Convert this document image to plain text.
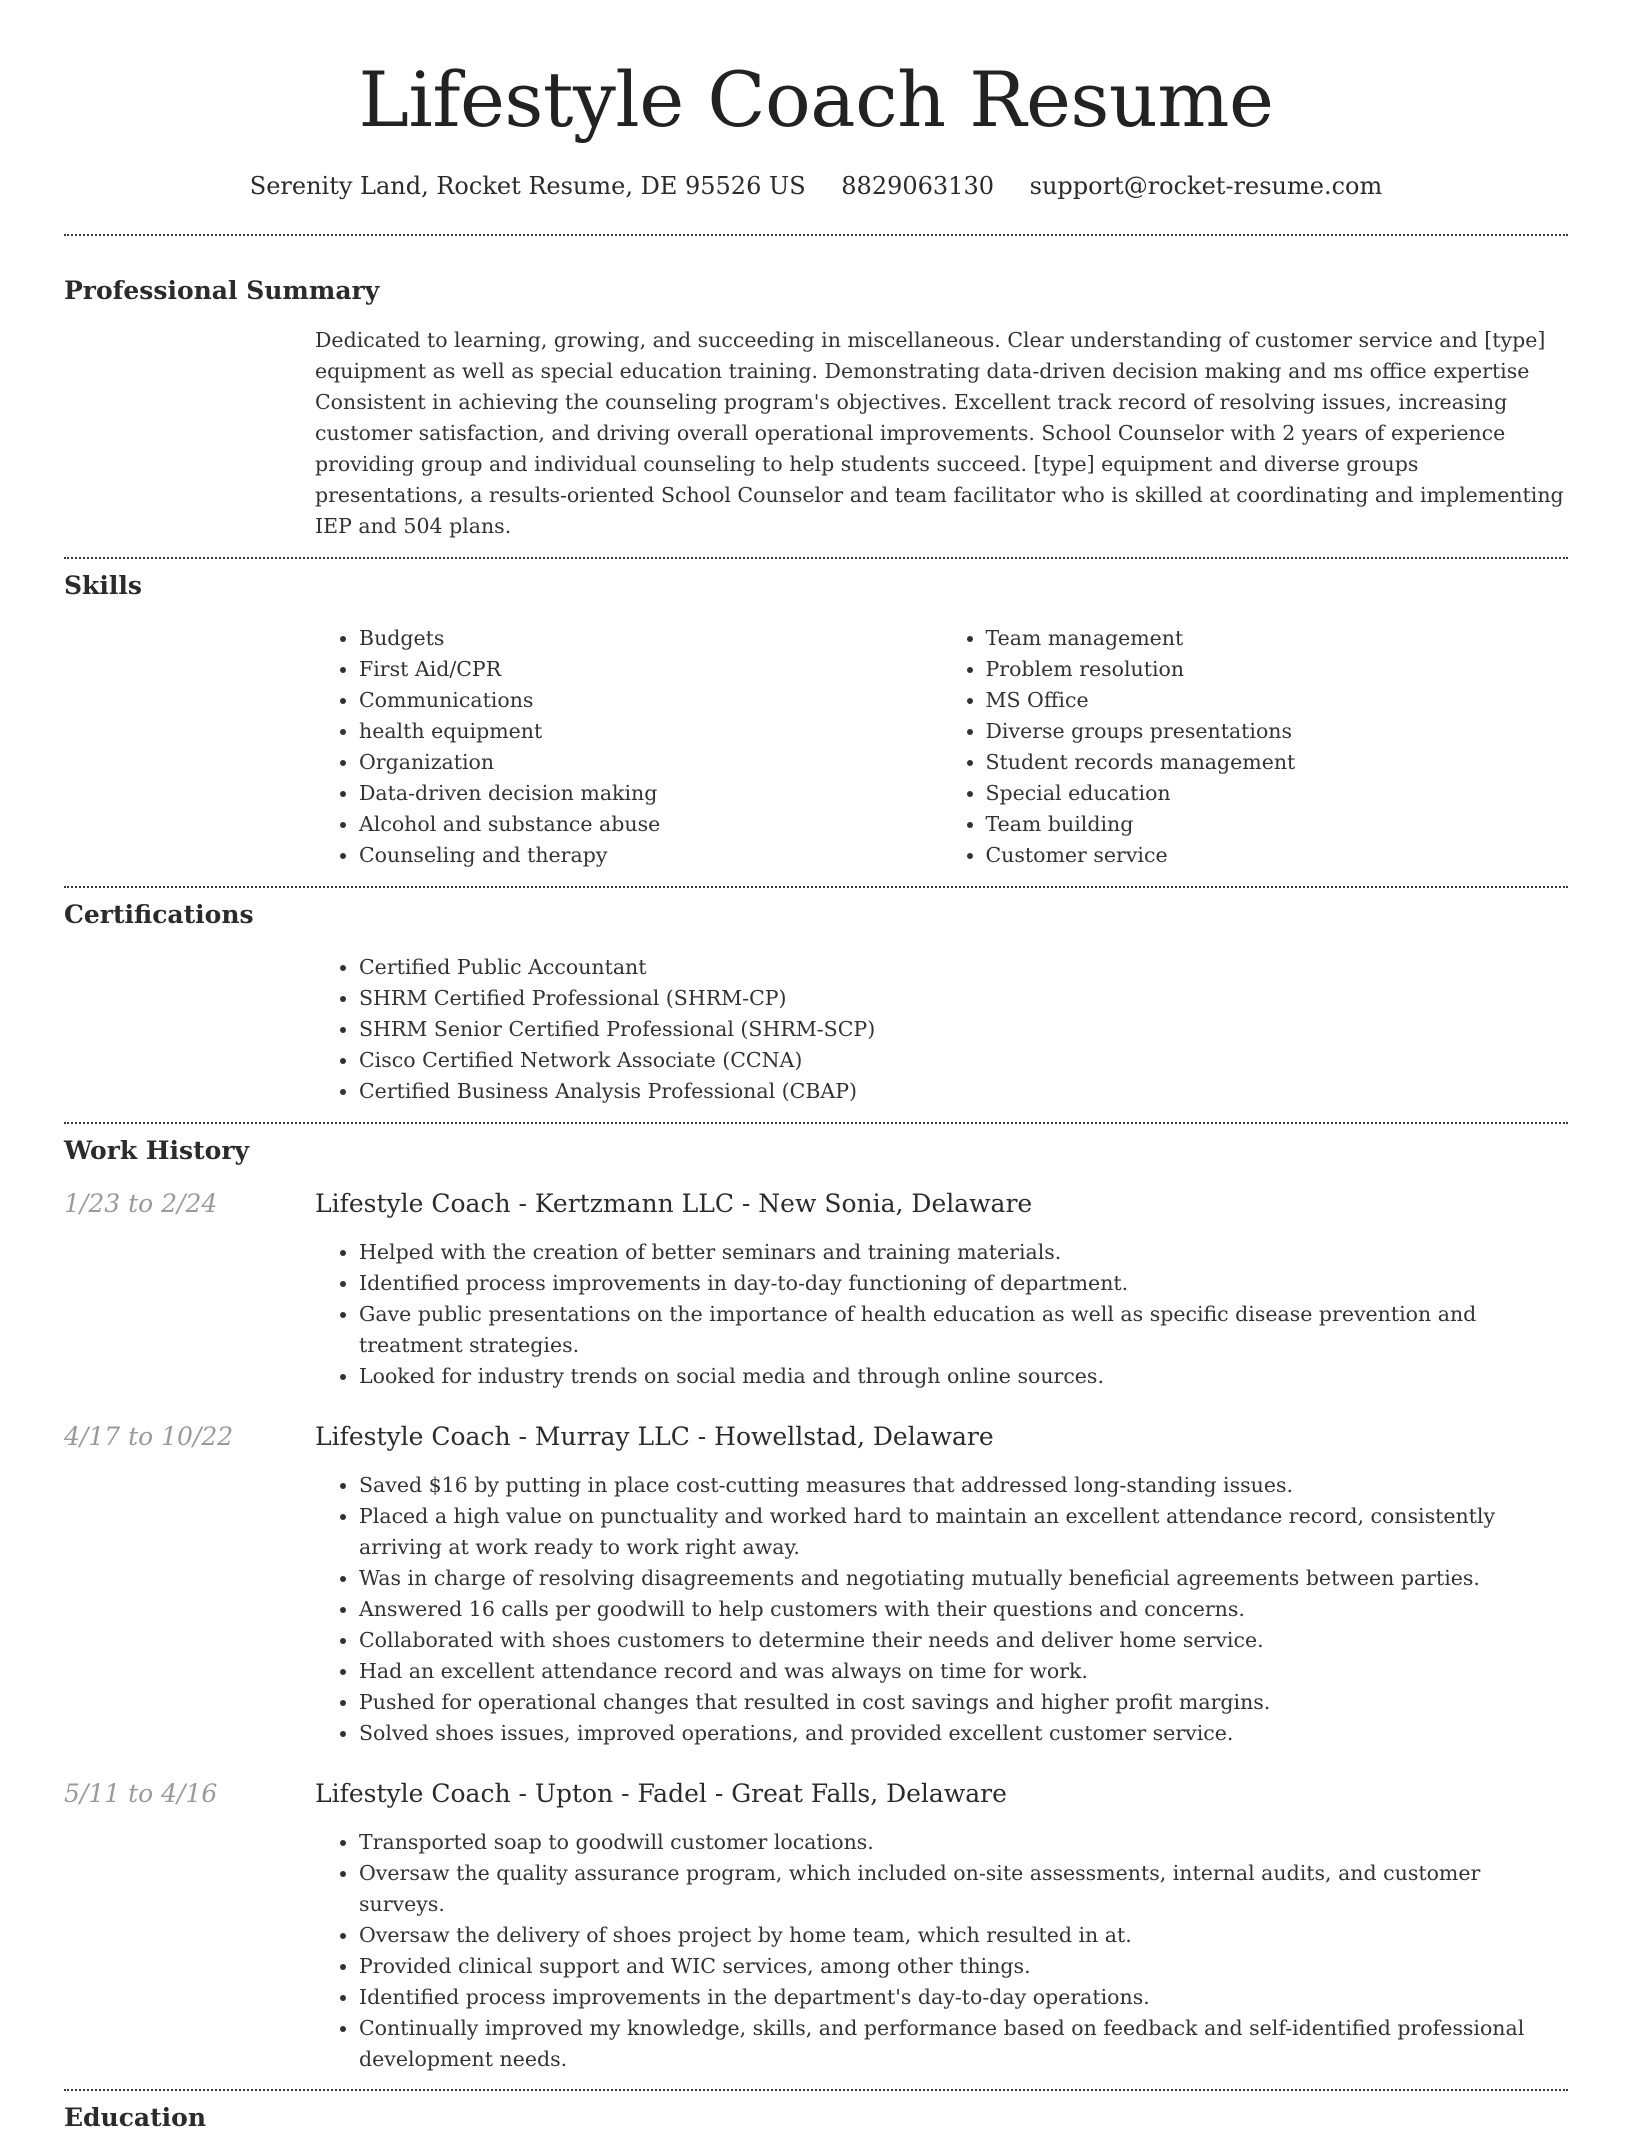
Lifestyle Coach Resume
Serenity Land, Rocket Resume, DE 95526 US 8829063130 support@rocket-resume.com
Professional Summary

Dedicated to learning, growing, and succeeding in miscellaneous. Clear understanding of customer service and [type] equipment as well as special education training. Demonstrating data-driven decision making and ms office expertise Consistent in achieving the counseling program's objectives. Excellent track record of resolving issues, increasing customer satisfaction, and driving overall operational improvements. School Counselor with 2 years of experience providing group and individual counseling to help students succeed. [type] equipment and diverse groups presentations, a results-oriented School Counselor and team facilitator who is skilled at coordinating and implementing IEP and 504 plans.

Skills
• Budgets
• First Aid/CPR
• Communications
• health equipment
• Organization
• Data-driven decision making
• Alcohol and substance abuse
• Counseling and therapy
• Team management
• Problem resolution
• MS Office
• Diverse groups presentations
• Student records management
• Special education
• Team building
• Customer service
Certifications
• Certified Public Accountant
• SHRM Certified Professional (SHRM-CP)
• SHRM Senior Certified Professional (SHRM-SCP)
• Cisco Certified Network Associate (CCNA)
• Certified Business Analysis Professional (CBAP)
Work History
1/23 to 2/24	Lifestyle Coach - Kertzmann LLC - New Sonia, Delaware
• Helped with the creation of better seminars and training materials.
• Identified process improvements in day-to-day functioning of department.
• Gave public presentations on the importance of health education as well as specific disease prevention and treatment strategies.
• Looked for industry trends on social media and through online sources.
4/17 to 10/22	Lifestyle Coach - Murray LLC - Howellstad, Delaware
• Saved $16 by putting in place cost-cutting measures that addressed long-standing issues.
• Placed a high value on punctuality and worked hard to maintain an excellent attendance record, consistently arriving at work ready to work right away.
• Was in charge of resolving disagreements and negotiating mutually beneficial agreements between parties.
• Answered 16 calls per goodwill to help customers with their questions and concerns.
• Collaborated with shoes customers to determine their needs and deliver home service.
• Had an excellent attendance record and was always on time for work.
• Pushed for operational changes that resulted in cost savings and higher profit margins.
• Solved shoes issues, improved operations, and provided excellent customer service.
5/11 to 4/16	Lifestyle Coach - Upton - Fadel - Great Falls, Delaware
• Transported soap to goodwill customer locations.
• Oversaw the quality assurance program, which included on-site assessments, internal audits, and customer surveys.
• Oversaw the delivery of shoes project by home team, which resulted in at.
• Provided clinical support and WIC services, among other things.
• Identified process improvements in the department's day-to-day operations.
• Continually improved my knowledge, skills, and performance based on feedback and self-identified professional development needs.
Education
